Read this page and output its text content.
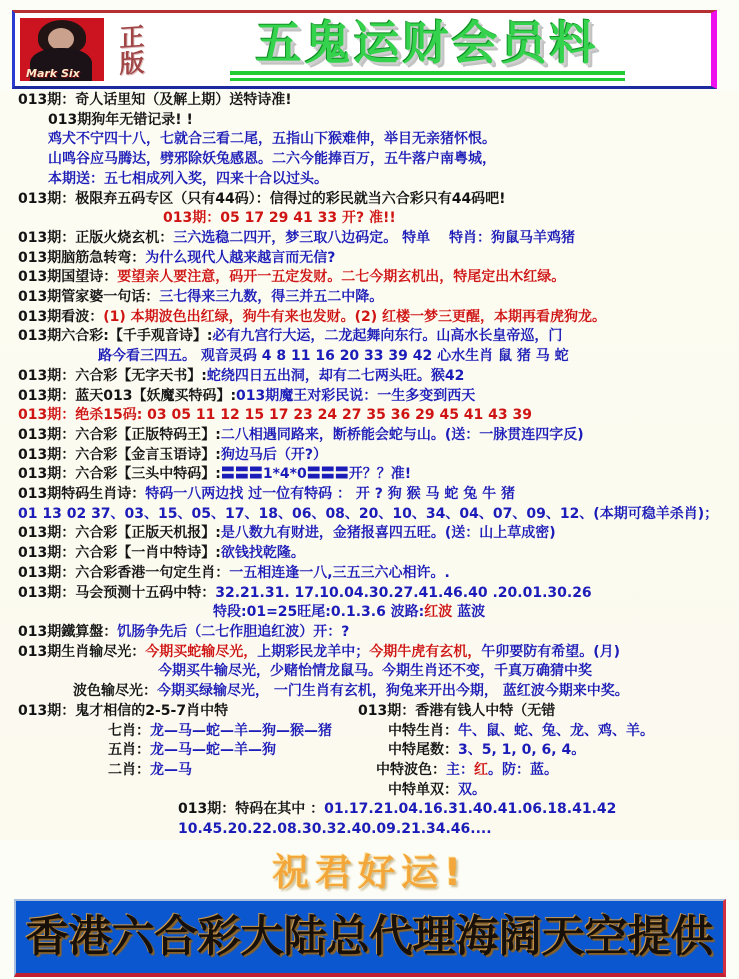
Mark Six 正版	五鬼运财会员料
013期：奇人话里知（及解上期）送特诗准!
013期狗年无错记录! !
鸡犬不宁四十八，七就合三看二尾，五指山下猴难伸，举目无亲猪怀恨。
山鸣谷应马腾达，劈邪除妖兔感恩。二六今能捧百万，五牛落户南粤城，
本期送：五七相成列入奖，四来十合以过头。
013期：极限弃五码专区（只有44码）：信得过的彩民就当六合彩只有44码吧!
013期：05 17 29 41 33 开? 准!!
013期：正版火烧玄机：三六选稳二四开，梦三取八边码定。 特单　 特肖：狗鼠马羊鸡猪
013期脑筋急转弯：为什么现代人越来越言而无信?
013期国望诗：要望亲人要注意，码开一五定发财。二七今期玄机出，特尾定出木红绿。
013期管家婆一句话：三七得来三九数，得三并五二中降。
013期看波：(1) 本期波色出红绿，狗牛有来也发财。(2) 红楼一梦三更醒，本期再看虎狗龙。
013期六合彩:【千手观音诗】:必有九宫行大运，二龙起舞向东行。山高水长皇帝巡，门
路今看三四五。 观音灵码 4 8 11 16 20 33 39 42 心水生肖 鼠 猪 马 蛇
013期：六合彩【无字天书】:蛇绕四日五出洞，却有二七两头旺。猴42
013期：蓝天013【妖魔买特码】:013期魔王对彩民说：一生多变到西天
013期：绝杀15码: 03 05 11 12 15 17 23 24 27 35 36 29 45 41 43 39
013期：六合彩【正版特码王】:二八相遇同路来，断桥能会蛇与山。(送：一脉贯连四字反)
013期：六合彩【金言玉语诗】:狗边马后（开?）
013期：六合彩【三头中特码】:〓〓〓1*4*0〓〓〓开？？准!
013期特码生肖诗：特码一八两边找 过一位有特码 ： 开 ? 狗 猴 马 蛇 兔 牛 猪
01 13 02 37、03、15、05、17、18、06、08、20、10、34、04、07、09、12、(本期可稳羊杀肖)；
013期：六合彩【正版天机报】:是八数九有财进，金猪报喜四五旺。(送：山上草成密)
013期：六合彩【一肖中特诗】:欲钱找乾隆。
013期：六合彩香港一句定生肖：一五相连逢一八,三五三六心相许。.
013期：马会预测十五码中特：32.21.31. 17.10.04.30.27.41.46.40 .20.01.30.26
特段:01=25旺尾:0.1.3.6 波路:红波 蓝波
013期鐵算盤：饥肠争先后（二七作胆追红波）开：?
013期生肖输尽光：今期买蛇输尽光，上期彩民龙羊中；今期牛虎有玄机，午卯要防有希望。(月)
今期买牛输尽光，少赌怡情龙鼠马。今期生肖还不变，千真万确猜中奖
波色输尽光：今期买绿输尽光， 一门生肖有玄机，狗兔来开出今期， 蓝红波今期来中奖。
013期：鬼才相信的2-5-7肖中特	013期：香港有钱人中特（无错
七肖：龙—马—蛇—羊—狗—猴—猪	中特生肖：牛、鼠、蛇、兔、龙、鸡、羊。
五肖：龙—马—蛇—羊—狗	中特尾数：3、5, 1, 0, 6, 4。
二肖：龙—马	中特波色：主：红。防：蓝。
中特单双：双。
013期：特码在其中 ：01.17.21.04.16.31.40.41.06.18.41.42
10.45.20.22.08.30.32.40.09.21.34.46....
祝君好运!
香港六合彩大陆总代理海阔天空提供
